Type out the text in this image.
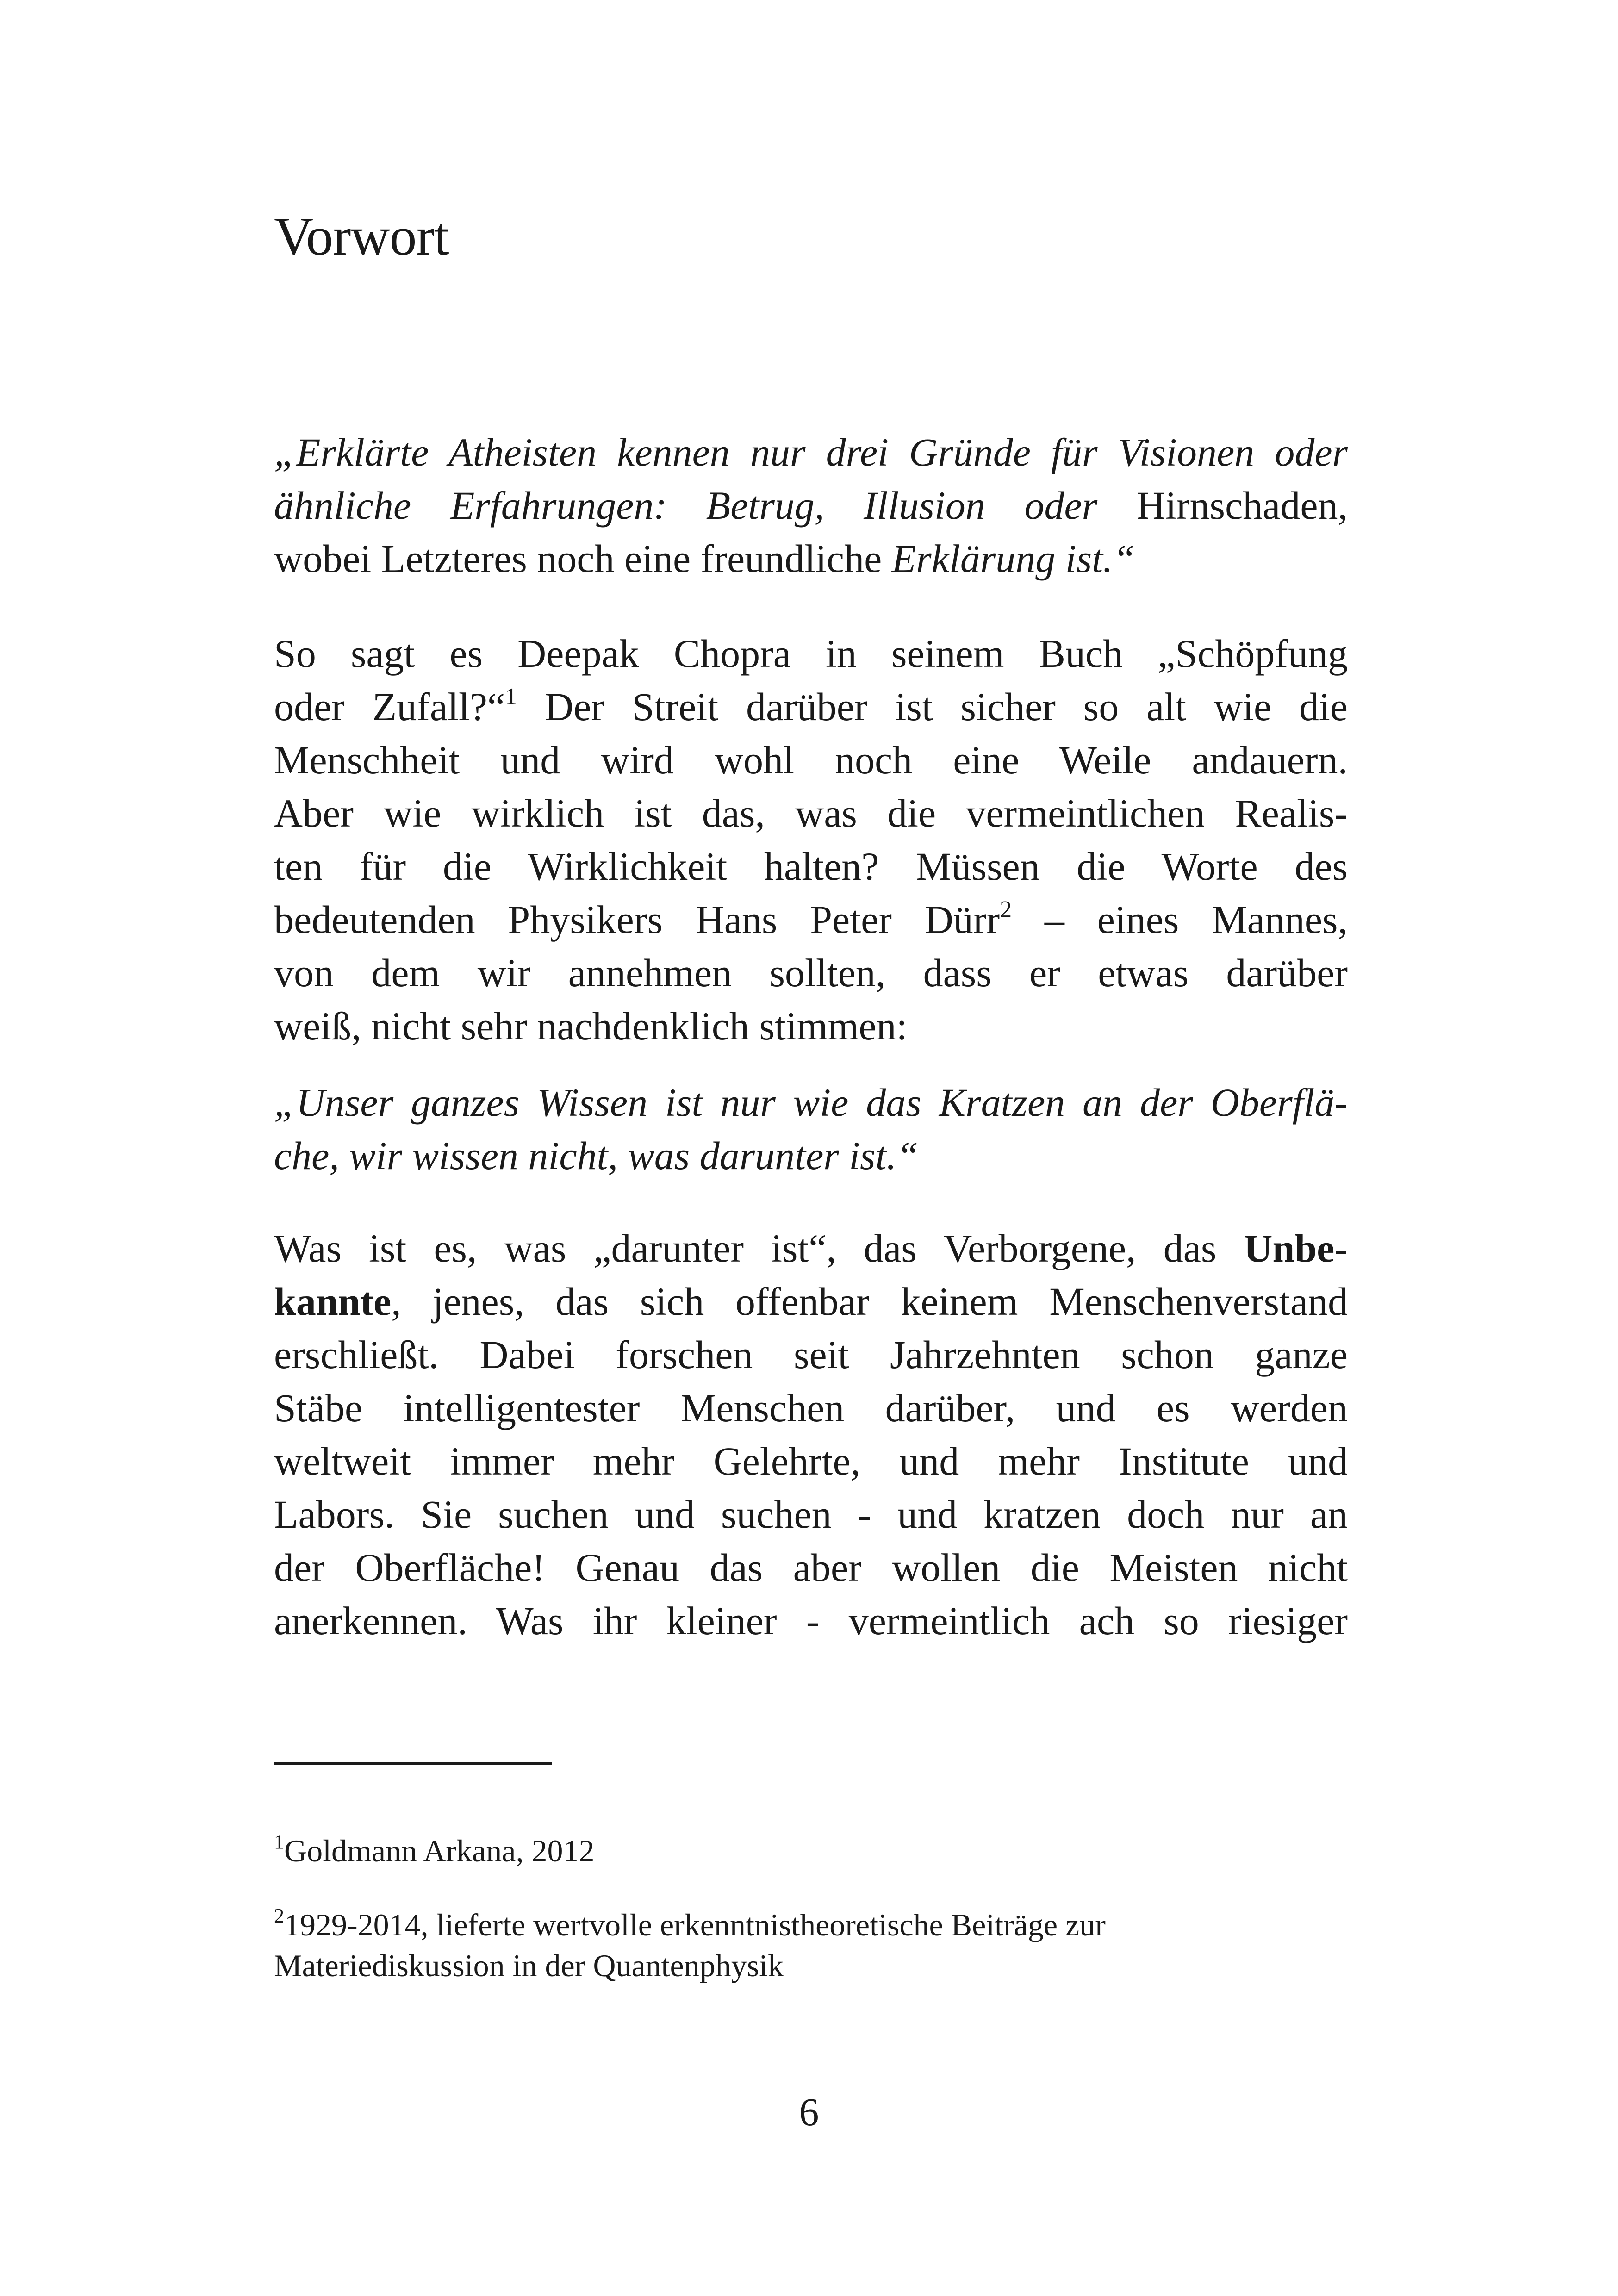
Vorwort
„Erklärte Atheisten kennen nur drei Gründe für Visionen oder
ähnliche Erfahrungen: Betrug, Illusion oder Hirnschaden,
wobei Letzteres noch eine freundliche Erklärung ist.“
So sagt es Deepak Chopra in seinem Buch „Schöpfung
oder Zufall?“$^1$ Der Streit darüber ist sicher so alt wie die
Menschheit und wird wohl noch eine Weile andauern.
Aber wie wirklich ist das, was die vermeintlichen Realis-
ten für die Wirklichkeit halten? Müssen die Worte des
bedeutenden Physikers Hans Peter Dürr$^2$ – eines Mannes,
von dem wir annehmen sollten, dass er etwas darüber
weiß, nicht sehr nachdenklich stimmen:
„Unser ganzes Wissen ist nur wie das Kratzen an der Oberflä-
che, wir wissen nicht, was darunter ist.“
Was ist es, was „darunter ist“, das Verborgene, das Unbe-
kannte, jenes, das sich offenbar keinem Menschenverstand
erschließt. Dabei forschen seit Jahrzehnten schon ganze
Stäbe intelligentester Menschen darüber, und es werden
weltweit immer mehr Gelehrte, und mehr Institute und
Labors. Sie suchen und suchen - und kratzen doch nur an
der Oberfläche! Genau das aber wollen die Meisten nicht
anerkennen. Was ihr kleiner - vermeintlich ach so riesiger
$^1$Goldmann Arkana, 2012
$^2$1929-2014, lieferte wertvolle erkenntnistheoretische Beiträge zur
Materiediskussion in der Quantenphysik
6
